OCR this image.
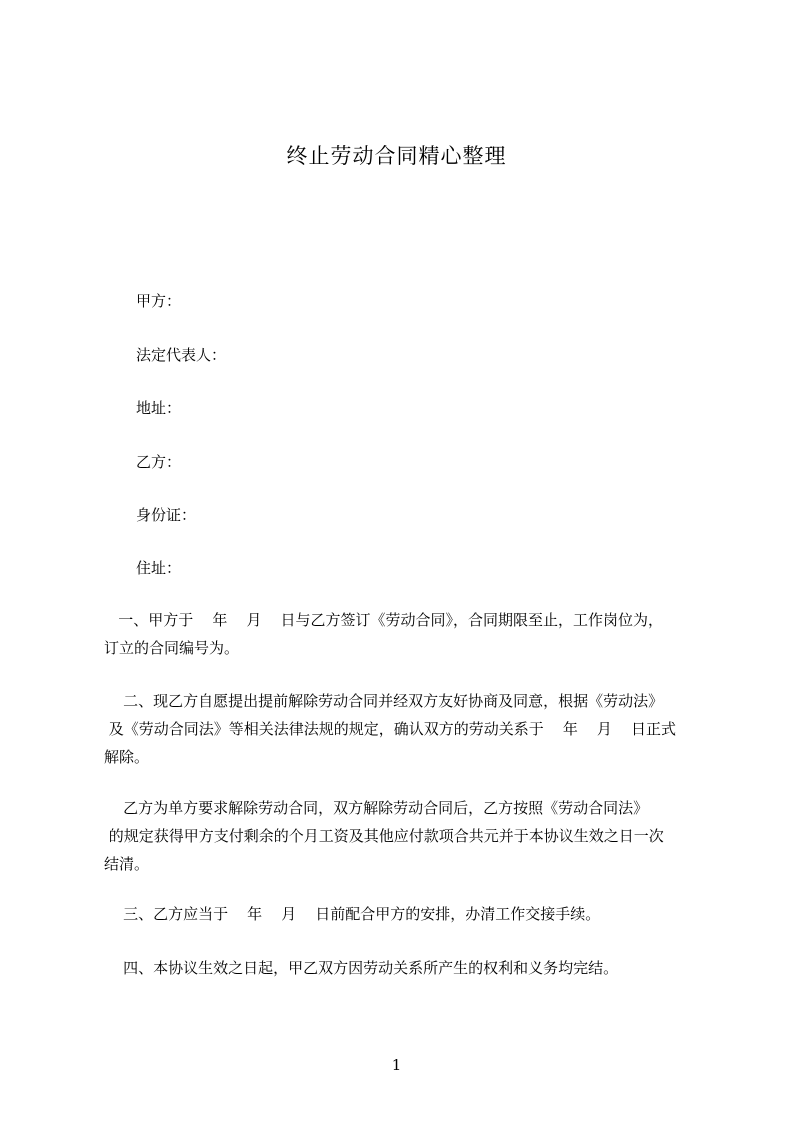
终止劳动合同精心整理
甲方：
法定代表人：
地址：
乙方：
身份证：
住址：
一、甲方于    年    月    日与乙方签订《劳动合同》，合同期限至止，工作岗位为，
订立的合同编号为。
二、现乙方自愿提出提前解除劳动合同并经双方友好协商及同意，根据《劳动法》
及《劳动合同法》等相关法律法规的规定，确认双方的劳动关系于    年    月    日正式
解除。
乙方为单方要求解除劳动合同，双方解除劳动合同后，乙方按照《劳动合同法》
的规定获得甲方支付剩余的个月工资及其他应付款项合共元并于本协议生效之日一次
结清。
三、乙方应当于    年    月    日前配合甲方的安排，办清工作交接手续。
四、本协议生效之日起，甲乙双方因劳动关系所产生的权利和义务均完结。
1
